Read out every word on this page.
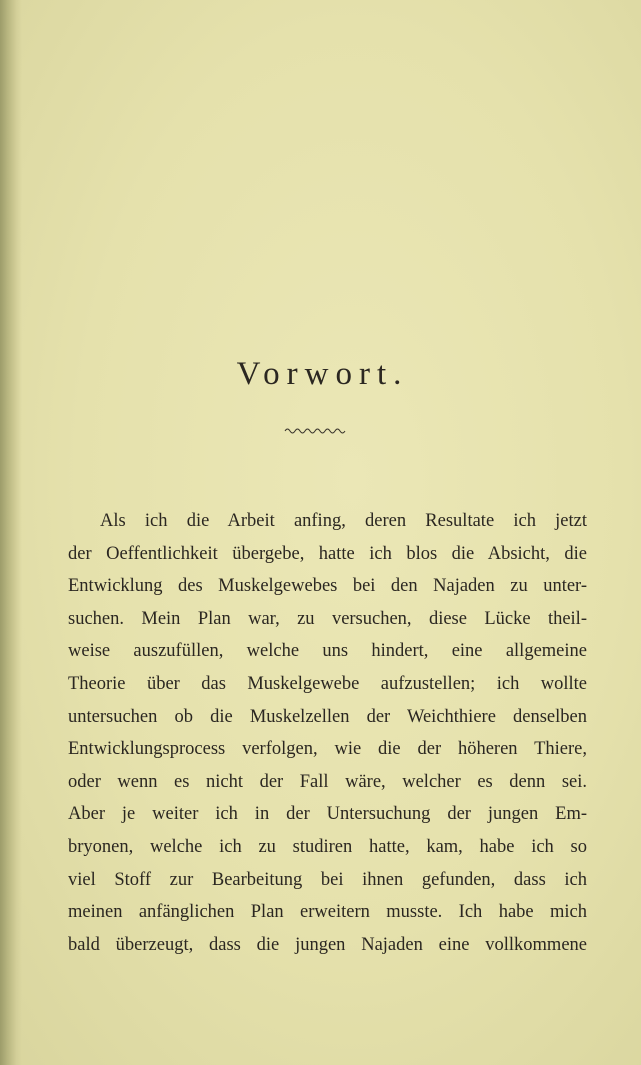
Vorwort.
Als ich die Arbeit anfing, deren Resultate ich jetzt
der Oeffentlichkeit übergebe, hatte ich blos die Absicht, die
Entwicklung des Muskelgewebes bei den Najaden zu unter-
suchen. Mein Plan war, zu versuchen, diese Lücke theil-
weise auszufüllen, welche uns hindert, eine allgemeine
Theorie über das Muskelgewebe aufzustellen; ich wollte
untersuchen ob die Muskelzellen der Weichthiere denselben
Entwicklungsprocess verfolgen, wie die der höheren Thiere,
oder wenn es nicht der Fall wäre, welcher es denn sei.
Aber je weiter ich in der Untersuchung der jungen Em-
bryonen, welche ich zu studiren hatte, kam, habe ich so
viel Stoff zur Bearbeitung bei ihnen gefunden, dass ich
meinen anfänglichen Plan erweitern musste. Ich habe mich
bald überzeugt, dass die jungen Najaden eine vollkommene
